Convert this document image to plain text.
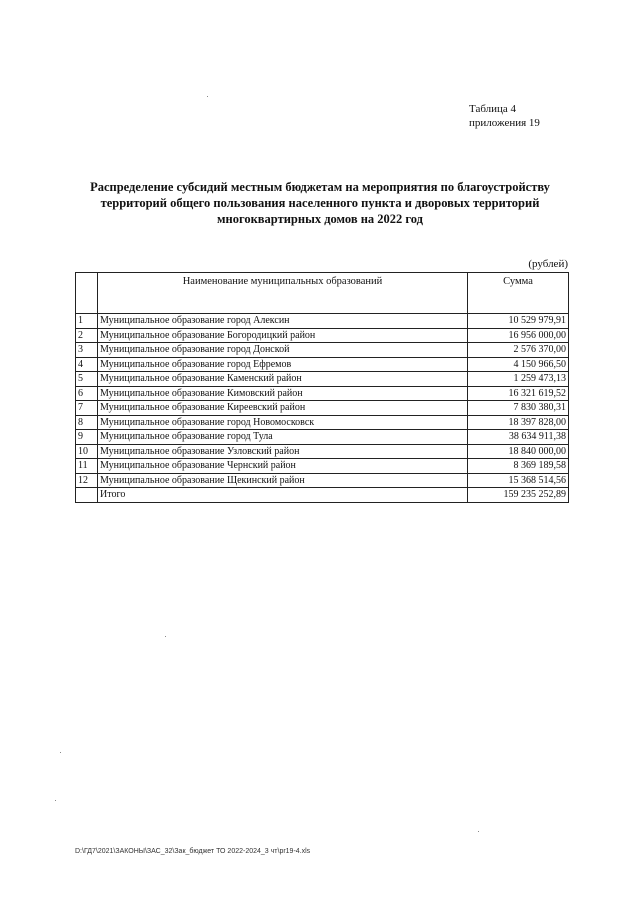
Таблица 4
приложения 19
Распределение субсидий местным бюджетам на мероприятия по благоустройству
территорий общего пользования населенного пункта и дворовых территорий
многоквартирных домов на 2022 год
(рублей)
	Наименование муниципальных образований	Сумма
1	Муниципальное образование город Алексин	10 529 979,91
2	Муниципальное образование Богородицкий район	16 956 000,00
3	Муниципальное образование город Донской	2 576 370,00
4	Муниципальное образование город Ефремов	4 150 966,50
5	Муниципальное образование Каменский район	1 259 473,13
6	Муниципальное образование Кимовский район	16 321 619,52
7	Муниципальное образование Киреевский район	7 830 380,31
8	Муниципальное образование город Новомосковск	18 397 828,00
9	Муниципальное образование город Тула	38 634 911,38
10	Муниципальное образование Узловский район	18 840 000,00
11	Муниципальное образование Чернский район	8 369 189,58
12	Муниципальное образование Щекинский район	15 368 514,56
	Итого	159 235 252,89
D:\ГД7\2021\ЗАКОНЫ\ЗАС_32\Зак_бюджет ТО 2022-2024_3 чт\pr19-4.xls
